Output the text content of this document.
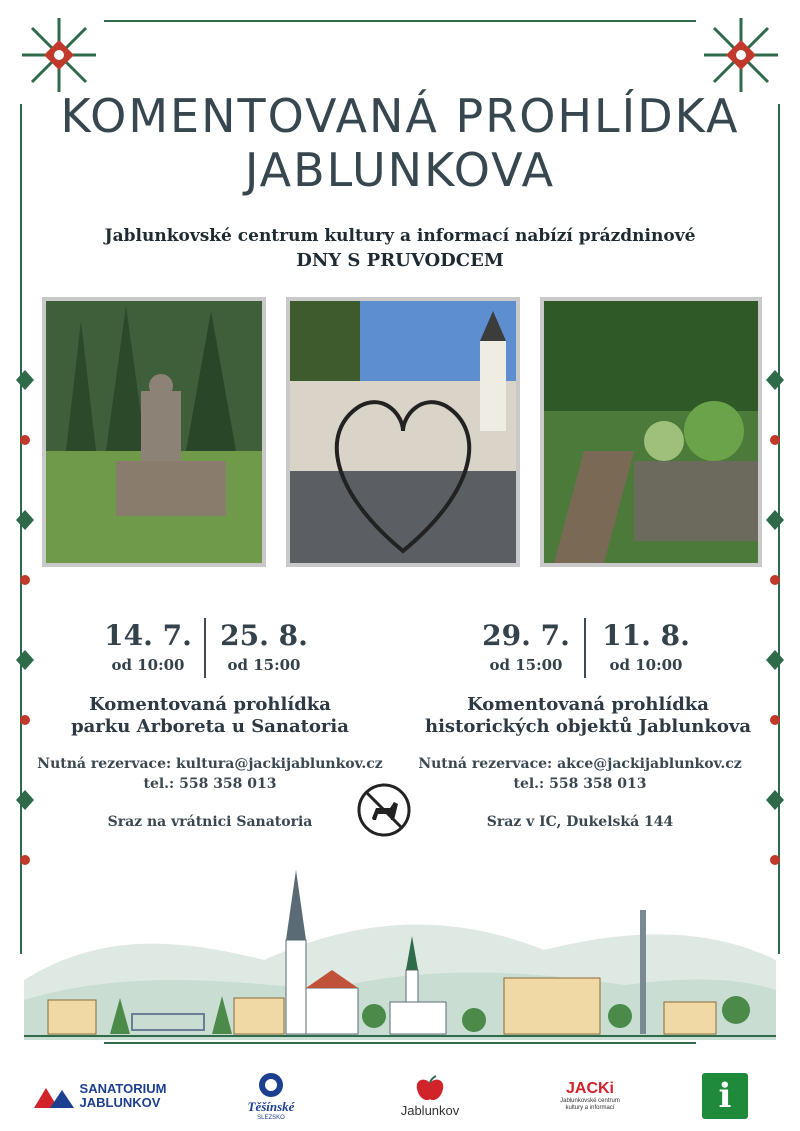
KOMENTOVANÁ PROHLÍDKA
JABLUNKOVA
Jablunkovské centrum kultury a informací nabízí prázdninové
DNY S PRUVODCEM
14. 7.
od 10:00
25. 8.
od 15:00
29. 7.
od 15:00
11. 8.
od 10:00
Komentovaná prohlídka
parku Arboreta u Sanatoria
Komentovaná prohlídka
historických objektů Jablunkova
Nutná rezervace: kultura@jackijablunkov.cz
tel.: 558 358 013
Sraz na vrátnici Sanatoria
Nutná rezervace: akce@jackijablunkov.cz
tel.: 558 358 013
Sraz v IC, Dukelská 144
SANATORIUM
JABLUNKOV	Těšínské
SLEZSKO
Jablunkov
JACKi
Jablunkovské centrum
kultury a informací	i
